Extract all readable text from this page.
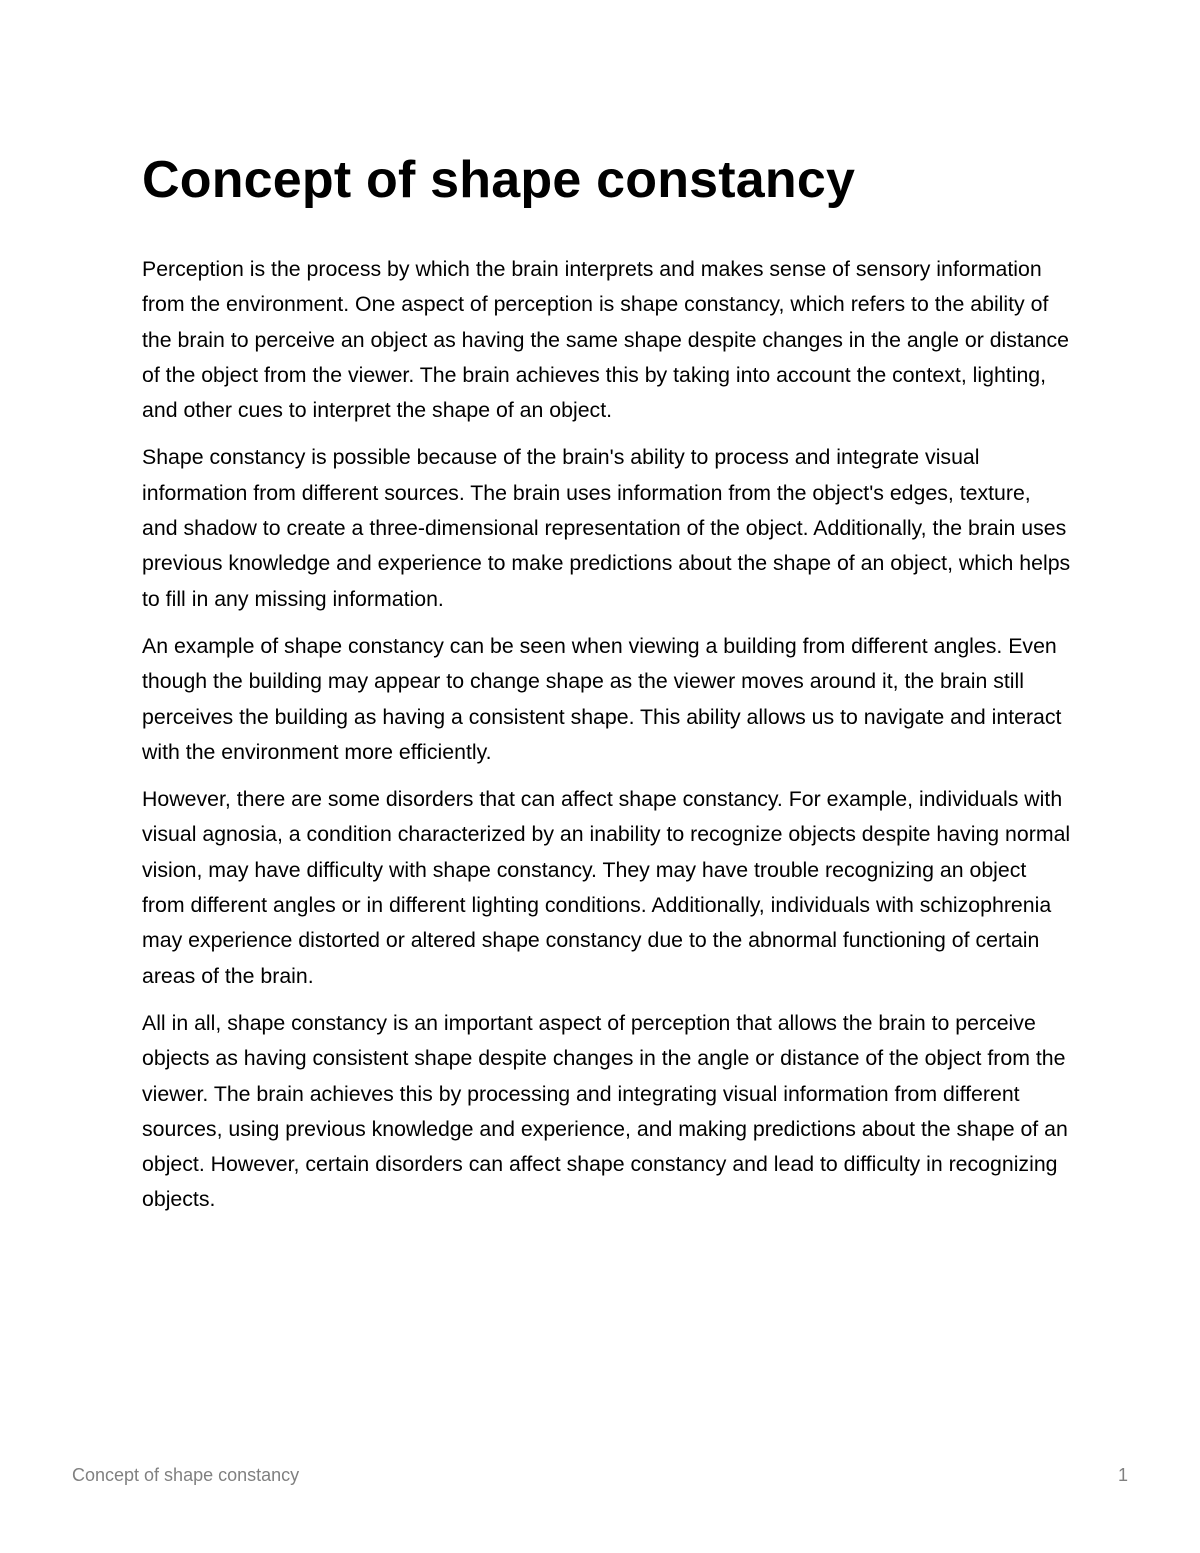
Concept of shape constancy

Perception is the process by which the brain interprets and makes sense of sensory information from the environment. One aspect of perception is shape constancy, which refers to the ability of the brain to perceive an object as having the same shape despite changes in the angle or distance of the object from the viewer. The brain achieves this by taking into account the context, lighting, and other cues to interpret the shape of an object.

Shape constancy is possible because of the brain's ability to process and integrate visual information from different sources. The brain uses information from the object's edges, texture, and shadow to create a three-dimensional representation of the object. Additionally, the brain uses previous knowledge and experience to make predictions about the shape of an object, which helps to fill in any missing information.

An example of shape constancy can be seen when viewing a building from different angles. Even though the building may appear to change shape as the viewer moves around it, the brain still perceives the building as having a consistent shape. This ability allows us to navigate and interact with the environment more efficiently.

However, there are some disorders that can affect shape constancy. For example, individuals with visual agnosia, a condition characterized by an inability to recognize objects despite having normal vision, may have difficulty with shape constancy. They may have trouble recognizing an object from different angles or in different lighting conditions. Additionally, individuals with schizophrenia may experience distorted or altered shape constancy due to the abnormal functioning of certain areas of the brain.

All in all, shape constancy is an important aspect of perception that allows the brain to perceive objects as having consistent shape despite changes in the angle or distance of the object from the viewer. The brain achieves this by processing and integrating visual information from different sources, using previous knowledge and experience, and making predictions about the shape of an object. However, certain disorders can affect shape constancy and lead to difficulty in recognizing objects.

Concept of shape constancy	1
